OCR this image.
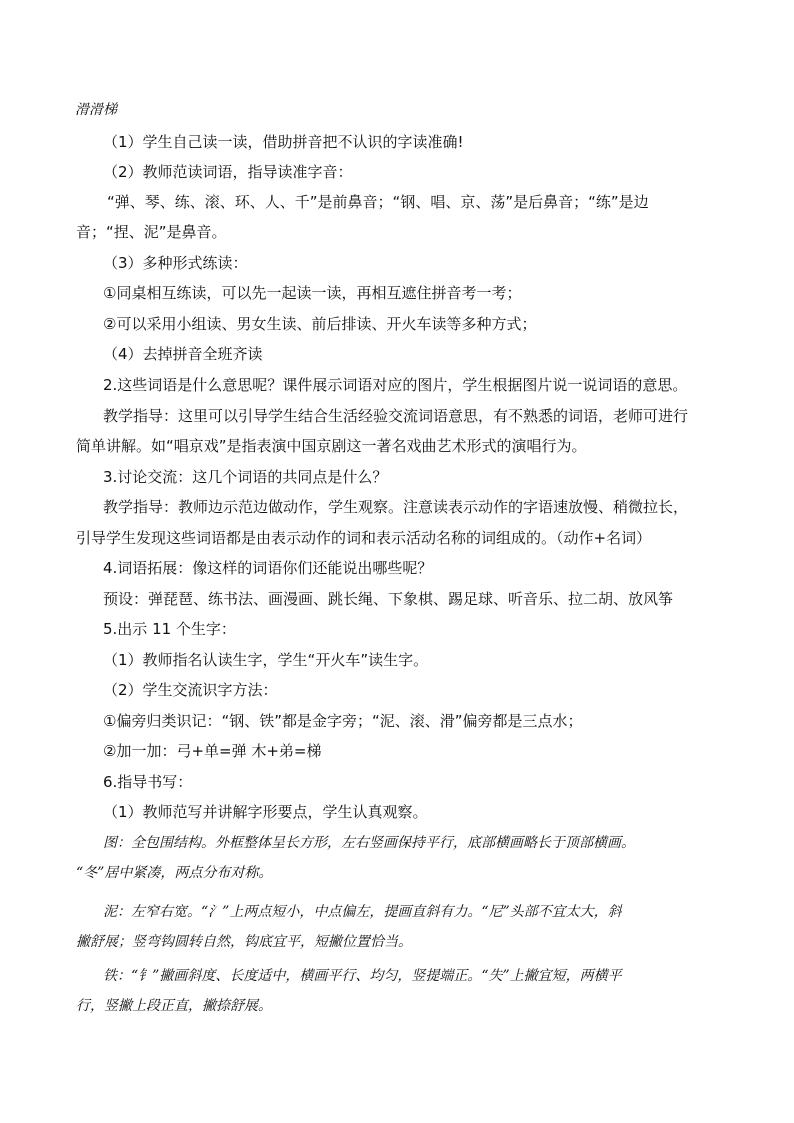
滑滑梯
（1）学生自己读一读，借助拼音把不认识的字读准确!
（2）教师范读词语，指导读准字音：
“弹、琴、练、滚、环、人、千”是前鼻音；“钢、唱、京、荡”是后鼻音；“练”是边
音；“捏、泥”是鼻音。
（3）多种形式练读：
①同桌相互练读，可以先一起读一读，再相互遮住拼音考一考；
②可以采用小组读、男女生读、前后排读、开火车读等多种方式；
（4）去掉拼音全班齐读
2.这些词语是什么意思呢？课件展示词语对应的图片，学生根据图片说一说词语的意思。
教学指导：这里可以引导学生结合生活经验交流词语意思，有不熟悉的词语，老师可进行
简单讲解。如“唱京戏”是指表演中国京剧这一著名戏曲艺术形式的演唱行为。
3.讨论交流：这几个词语的共同点是什么？
教学指导：教师边示范边做动作，学生观察。注意读表示动作的字语速放慢、稍微拉长，
引导学生发现这些词语都是由表示动作的词和表示活动名称的词组成的。（动作+名词）
4.词语拓展：像这样的词语你们还能说出哪些呢？
预设：弹琵琶、练书法、画漫画、跳长绳、下象棋、踢足球、听音乐、拉二胡、放风筝
5.出示 11 个生字：
（1）教师指名认读生字，学生“开火车”读生字。
（2）学生交流识字方法：
①偏旁归类识记：“钢、铁”都是金字旁；“泥、滚、滑”偏旁都是三点水；
②加一加：弓+单=弹 木+弟=梯
6.指导书写：
（1）教师范写并讲解字形要点，学生认真观察。
图：全包围结构。外框整体呈长方形，左右竖画保持平行，底部横画略长于顶部横画。
“冬”居中紧凑，两点分布对称。
泥：左窄右宽。“氵”上两点短小，中点偏左，提画直斜有力。“尼”头部不宜太大，斜
撇舒展；竖弯钩圆转自然，钩底宜平，短撇位置恰当。
铁：“钅”撇画斜度、长度适中，横画平行、均匀，竖提端正。“失”上撇宜短，两横平
行，竖撇上段正直，撇捺舒展。
